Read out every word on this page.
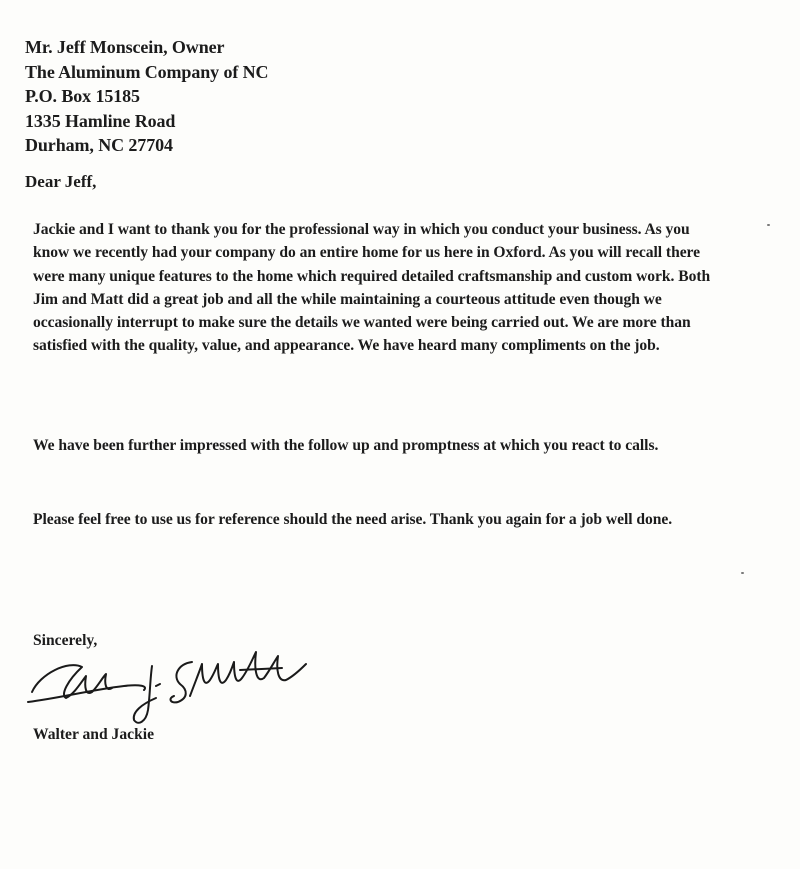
Mr. Jeff Monscein, Owner
The Aluminum Company of NC
P.O. Box 15185
1335 Hamline Road
Durham, NC 27704
Dear Jeff,
Jackie and I want to thank you for the professional way in which you conduct your business. As you know we recently had your company do an entire home for us here in Oxford. As you will recall there were many unique features to the home which required detailed craftsmanship and custom work. Both Jim and Matt did a great job and all the while maintaining a courteous attitude even though we occasionally interrupt to make sure the details we wanted were being carried out. We are more than satisfied with the quality, value, and appearance. We have heard many compliments on the job.
We have been further impressed with the follow up and promptness at which you react to calls.
Please feel free to use us for reference should the need arise. Thank you again for a job well done.
Sincerely,
Walter and Jackie
